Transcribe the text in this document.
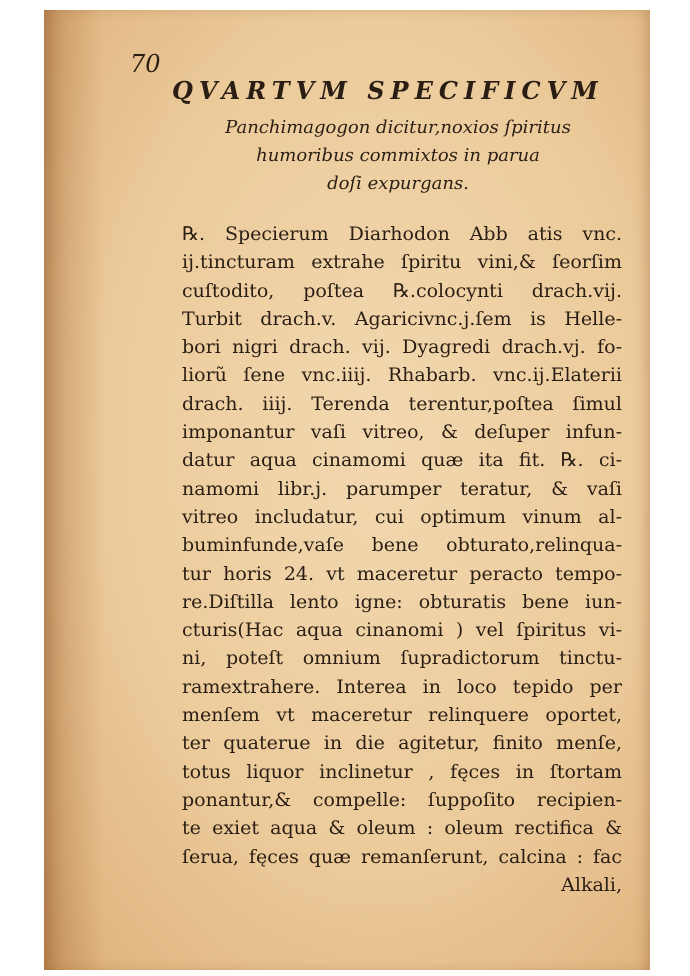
70

QVARTVM SPECIFICVM
Panchimagogon dicitur,noxios ſpiritus
humoribus commixtos in parua
doſi expurgans.
℞. Specierum Diarhodon Abb atis vnc.
ij.tincturam extrahe ſpiritu vini,& ſeorſim
cuſtodito, poſtea ℞.colocynti drach.vij.
Turbit drach.v. Agaricivnc.j.ſem is Helle-
bori nigri drach. vij. Dyagredi drach.vj. fo-
liorũ ſene vnc.iiij. Rhabarb. vnc.ij.Elaterii
drach. iiij. Terenda terentur,poſtea ſimul
imponantur vaſi vitreo, & deſuper infun-
datur aqua cinamomi quæ ita fit. ℞. ci-
namomi libr.j. parumper teratur, & vaſi
vitreo includatur, cui optimum vinum al-
buminfunde,vaſe bene obturato,relinqua-
tur horis 24. vt maceretur peracto tempo-
re.Diſtilla lento igne: obturatis bene iun-
cturis(Hac aqua cinanomi ) vel ſpiritus vi-
ni, poteſt omnium ſupradictorum tinctu-
ramextrahere. Interea in loco tepido per
menſem vt maceretur relinquere oportet,
ter quaterue in die agitetur, finito menſe,
totus liquor inclinetur , fęces in ſtortam
ponantur,& compelle: ſuppoſito recipien-
te exiet aqua & oleum : oleum rectifica &
ſerua, fęces quæ remanſerunt, calcina : fac
Alkali,
